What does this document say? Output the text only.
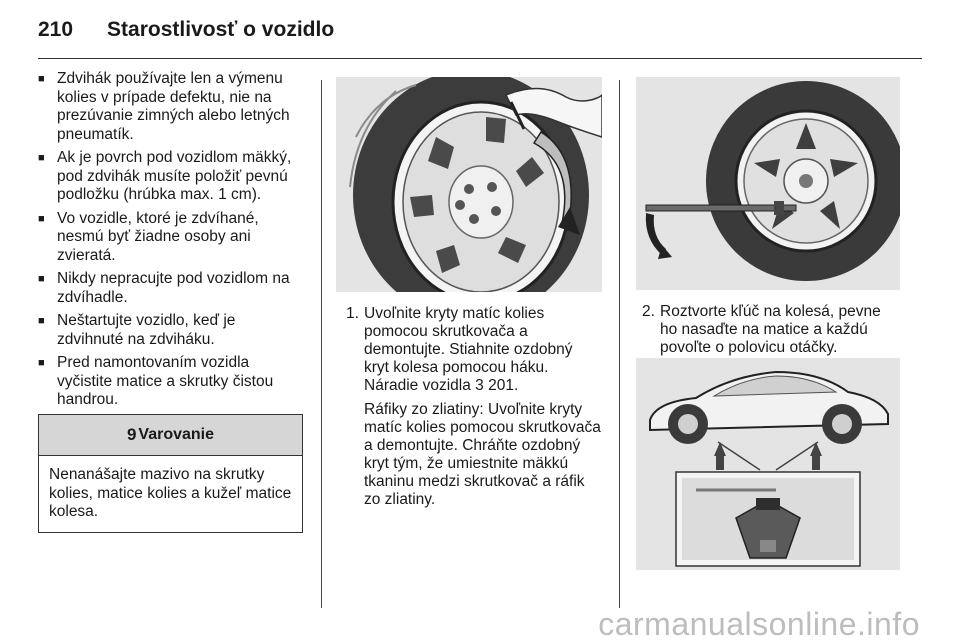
210 Starostlivosť o vozidlo
■ Zdvihák používajte len a výmenu kolies v prípade defektu, nie na prezúvanie zimných alebo letných pneumatík.
■ Ak je povrch pod vozidlom mäkký, pod zdvihák musíte položiť pevnú podložku (hrúbka max. 1 cm).
■ Vo vozidle, ktoré je zdvíhané, nesmú byť žiadne osoby ani zvieratá.
■ Nikdy nepracujte pod vozidlom na zdvíhadle.
■ Neštartujte vozidlo, keď je zdvihnuté na zdviháku.
■ Pred namontovaním vozidla vyčistite matice a skrutky čistou handrou.
9 Varovanie
Nenanášajte mazivo na skrutky kolies, matice kolies a kužeľ matice kolesa.
1. Uvoľnite kryty matíc kolies pomocou skrutkovača a demontujte. Stiahnite ozdobný kryt kolesa pomocou háku. Náradie vozidla 3 201.

Ráfiky zo zliatiny: Uvoľnite kryty matíc kolies pomocou skrutkovača a demontujte. Chráňte ozdobný kryt tým, že umiestnite mäkkú tkaninu medzi skrutkovač a ráfik zo zliatiny.

2. Roztvorte kľúč na kolesá, pevne ho nasaďte na matice a každú povoľte o polovicu otáčky.

carmanualsonline.info
